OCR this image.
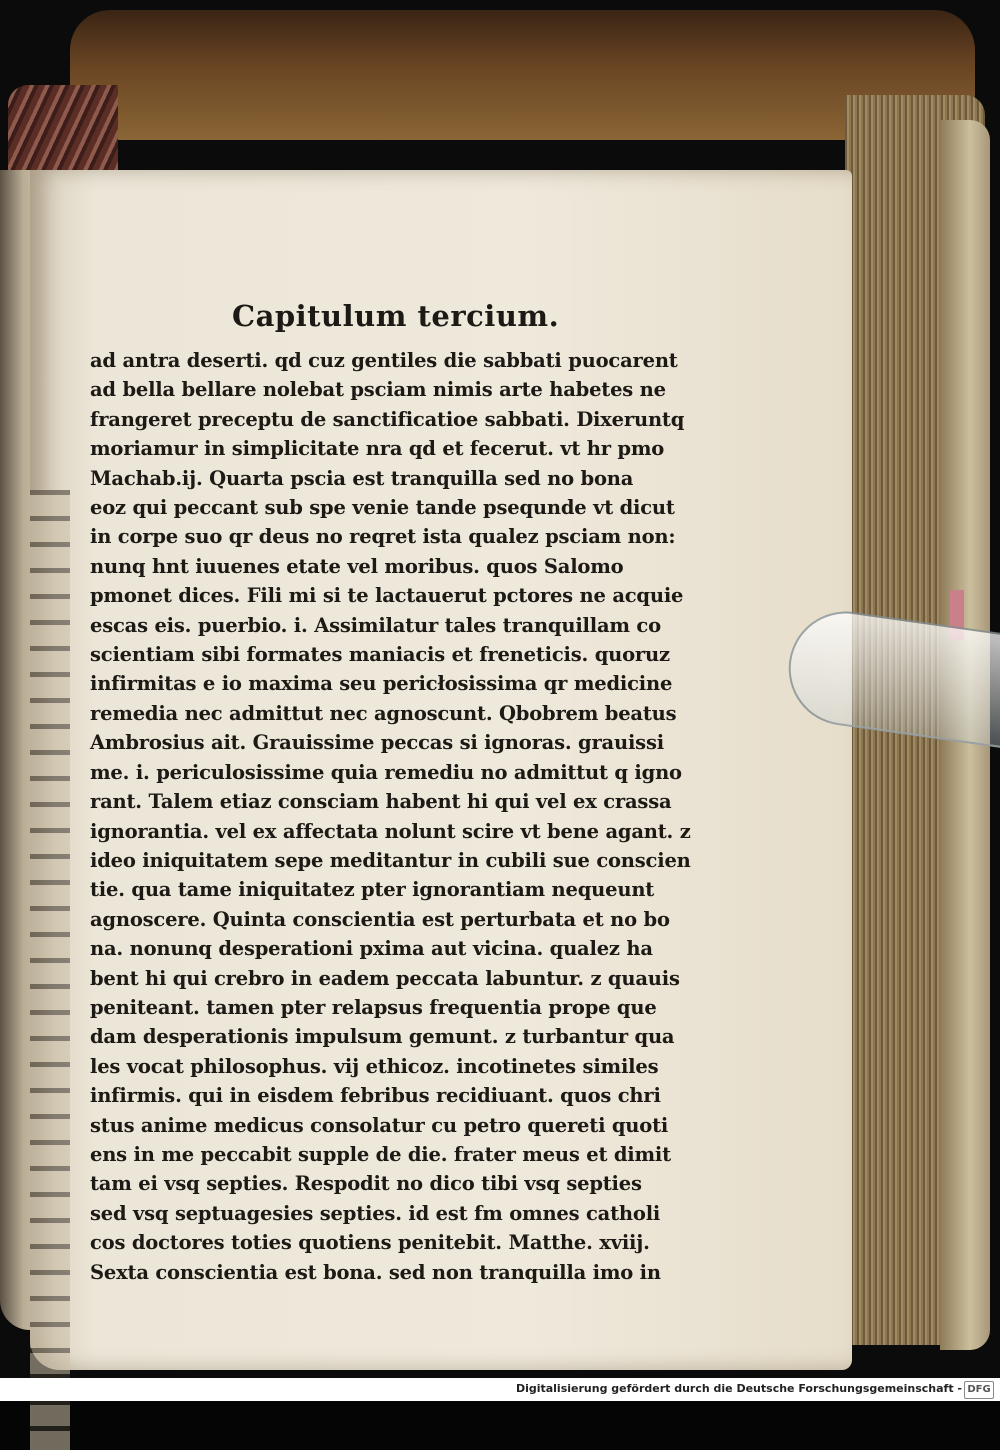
Capitulum tercium.
ad antra deserti. qd cuz gentiles die sabbati puocarent
ad bella bellare nolebat psciam nimis arte habetes ne
frangeret preceptu de sanctificatioe sabbati. Dixeruntq
moriamur in simplicitate nra qd et fecerut. vt hr pmo
Machab.ij. Quarta pscia est tranquilla sed no bona
eoz qui peccant sub spe venie tande psequnde vt dicut
in corpe suo qr deus no reqret ista qualez psciam non:
nunq hnt iuuenes etate vel moribus. quos Salomo
pmonet dices. Fili mi si te lactauerut pctores ne acquie
escas eis. puerbio. i. Assimilatur tales tranquillam co
scientiam sibi formates maniacis et freneticis. quoruz
infirmitas e io maxima seu pericłosissima qr medicine
remedia nec admittut nec agnoscunt. Qbobrem beatus
Ambrosius ait. Grauissime peccas si ignoras. grauissi
me. i. periculosissime quia remediu no admittut q igno
rant. Talem etiaz consciam habent hi qui vel ex crassa
ignorantia. vel ex affectata nolunt scire vt bene agant. z
ideo iniquitatem sepe meditantur in cubili sue conscien
tie. qua tame iniquitatez pter ignorantiam nequeunt
agnoscere. Quinta conscientia est perturbata et no bo
na. nonunq desperationi pxima aut vicina. qualez ha
bent hi qui crebro in eadem peccata labuntur. z quauis
peniteant. tamen pter relapsus frequentia prope que
dam desperationis impulsum gemunt. z turbantur qua
les vocat philosophus. vij ethicoz. incotinetes similes
infirmis. qui in eisdem febribus recidiuant. quos chri
stus anime medicus consolatur cu petro quereti quoti
ens in me peccabit supple de die. frater meus et dimit
tam ei vsq septies. Respodit no dico tibi vsq septies
sed vsq septuagesies septies. id est fm omnes catholi
cos doctores toties quotiens penitebit. Matthe. xviij.
Sexta conscientia est bona. sed non tranquilla imo in
Digitalisierung gefördert durch die Deutsche Forschungsgemeinschaft - DFG
